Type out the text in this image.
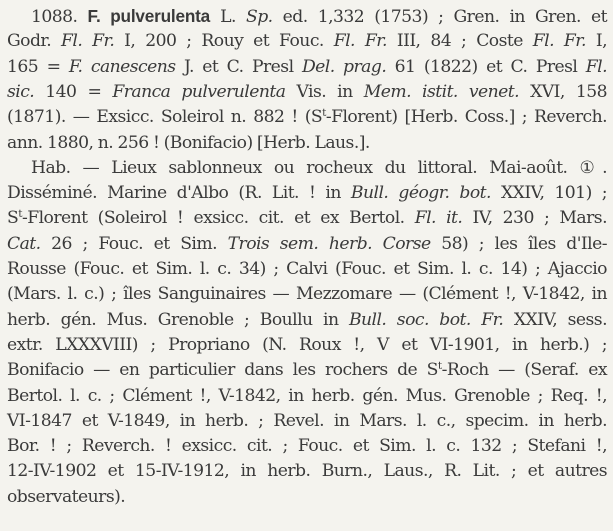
1088. F. pulverulenta L. Sp. ed. 1,332 (1753) ; Gren. in Gren. et
Godr. Fl. Fr. I, 200 ; Rouy et Fouc. Fl. Fr. III, 84 ; Coste Fl. Fr. I,
165 = F. canescens J. et C. Presl Del. prag. 61 (1822) et C. Presl Fl.
sic. 140 = Franca pulverulenta Vis. in Mem. istit. venet. XVI, 158
(1871). — Exsicc. Soleirol n. 882 ! $(S^t-Florent)$ [Herb. Coss.] ; Reverch.
ann. 1880, n. 256 ! (Bonifacio) [Herb. Laus.].
Hab. — Lieux sablonneux ou rocheux du littoral. Mai-août. ①.
Disséminé. Marine d'Albo (R. Lit. ! in Bull. géogr. bot. XXIV, 101) ;
$S^t$-Florent (Soleirol ! exsicc. cit. et ex Bertol. Fl. it. IV, 230 ; Mars.
Cat. 26 ; Fouc. et Sim. Trois sem. herb. Corse 58) ; les îles d'Ile-
Rousse (Fouc. et Sim. l. c. 34) ; Calvi (Fouc. et Sim. l. c. 14) ; Ajaccio
(Mars. l. c.) ; îles Sanguinaires — Mezzomare — (Clément !, V-1842, in
herb. gén. Mus. Grenoble ; Boullu in Bull. soc. bot. Fr. XXIV, sess.
extr. LXXXVIII) ; Propriano (N. Roux !, V et VI-1901, in herb.) ;
Bonifacio — en particulier dans les rochers de $S^t$-Roch — (Seraf. ex
Bertol. l. c. ; Clément !, V-1842, in herb. gén. Mus. Grenoble ; Req. !,
VI-1847 et V-1849, in herb. ; Revel. in Mars. l. c., specim. in herb.
Bor. ! ; Reverch. ! exsicc. cit. ; Fouc. et Sim. l. c. 132 ; Stefani !,
12-IV-1902 et 15-IV-1912, in herb. Burn., Laus., R. Lit. ; et autres
observateurs).
